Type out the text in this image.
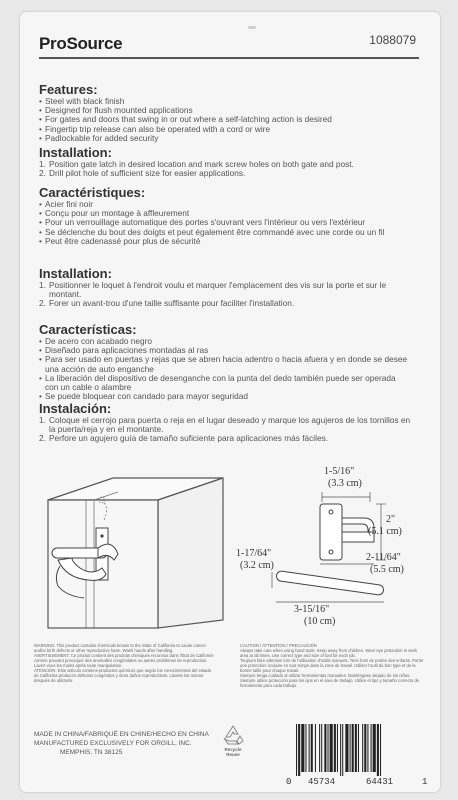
ProSource	1088079
Features:
• Steel with black finish
• Designed for flush mounted applications
• For gates and doors that swing in or out where a self-latching action is desired
• Fingertip trip release can also be operated with a cord or wire
• Padlockable for added security
Installation:
1. Position gate latch in desired location and mark screw holes on both gate and post.
2. Drill pilot hole of sufficient size for easier applications.
Caractéristiques:
• Acier fini noir
• Conçu pour un montage à affleurement
• Pour un verrouillage automatique des portes s'ouvrant vers l'intérieur ou vers l'extérieur
• Se déclenche du bout des doigts et peut également être commandé avec une corde ou un fil
• Peut être cadenassé pour plus de sécurité
Installation:
1. Positionner le loquet à l'endroit voulu et marquer l'emplacement des vis sur la porte et sur le montant.
2. Forer un avant-trou d'une taille suffisante pour faciliter l'installation.
Características:
• De acero con acabado negro
• Diseñado para aplicaciones montadas al ras
• Para ser usado en puertas y rejas que se abren hacia adentro o hacia afuera y en donde se desee una acción de auto enganche
• La liberación del dispositivo de desenganche con la punta del dedo también puede ser operada con un cable o alambre
• Se puede bloquear con candado para mayor seguridad
Instalación:
1. Coloque el cerrojo para puerta o reja en el lugar deseado y marque los agujeros de los tornillos en la puerta/reja y en el montante.
2. Perfore un agujero guía de tamaño suficiente para aplicaciones más fáciles.
1-5/16"
(3.3 cm)
2"
(5.1 cm)
2-11/64"
(5.5 cm)
1-17/64"
(3.2 cm)
3-15/16"
(10 cm)
WARNING: This product contains chemicals known to the State of California to cause cancer and/or birth defects or other reproductive harm. Wash hands after handling.
AVERTISSEMENT: Ce produit contient des produits chimiques reconnus dans l'État de Californie comme pouvant provoquer des anomalies congénitales ou autres problèmes de reproduction. Lavez-vous les mains après toute manipulation.
ATENCIÓN: Este artículo contiene productos químicos que según los conocimientos del estado de California producen defectos congénitos y otros daños reproductivos. Lávese las manos después de utilizarlo.
CAUTION / ATTENTION / PRECAUCIÓN
Always take care when using hand tools. Keep away from children. Wear eye protection in work area at all times. Use correct type and size of tool for each job.
Toujours faire attention lors de l'utilisation d'outils manuels. Tenir hors de portée des enfants. Porter une protection oculaire en tout temps dans la zone de travail. Utiliser l'outil du bon type et de la bonne taille pour chaque travail.
Siempre tenga cuidado al utilizar herramientas manuales. Manténgase alejado de los niños. Siempre utilice protección para los ojos en el área de trabajo. Utilice el tipo y tamaño correcto de herramienta para cada trabajo.
MADE IN CHINA/FABRIQUÉ EN CHINE/HECHO EN CHINA
MANUFACTURED EXCLUSIVELY FOR ORGILL, INC.
MEMPHIS, TN 38125	Recycle
Reuse
0 45734	64431	1
